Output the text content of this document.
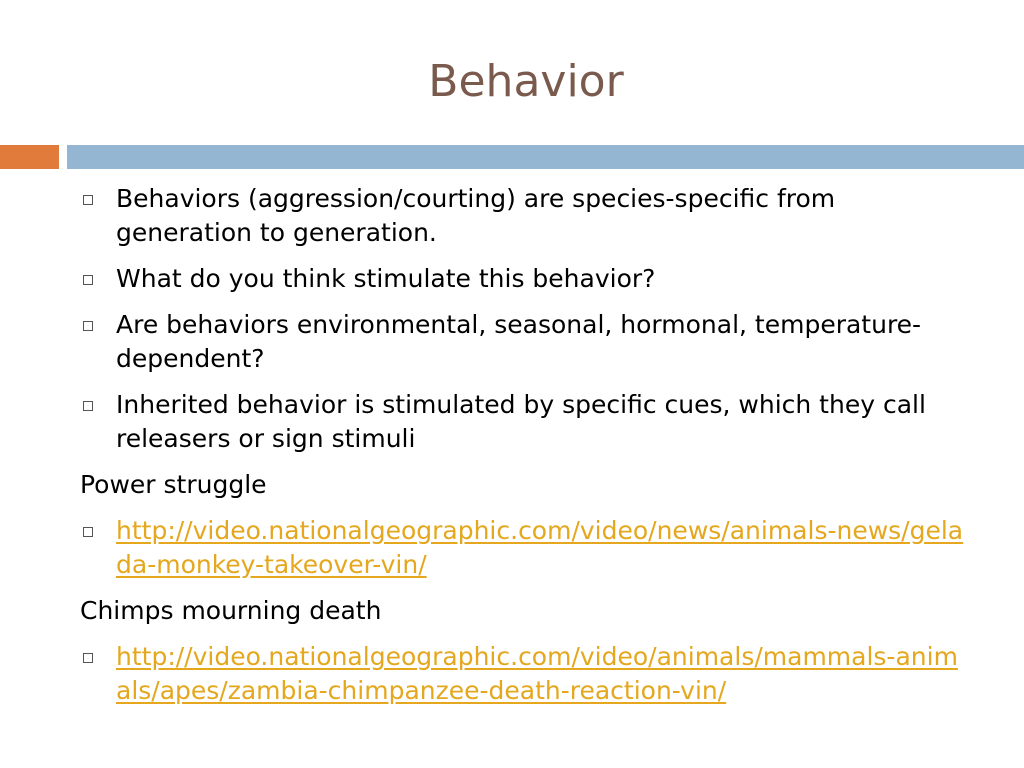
Behavior
Behaviors (aggression/courting) are species-specific from generation to generation.
What do you think stimulate this behavior?
Are behaviors environmental, seasonal, hormonal, temperature-dependent?
Inherited behavior is stimulated by specific cues, which they call releasers or sign stimuli
Power struggle
http://video.nationalgeographic.com/video/news/animals-news/gelada-monkey-takeover-vin/
Chimps mourning death
http://video.nationalgeographic.com/video/animals/mammals-animals/apes/zambia-chimpanzee-death-reaction-vin/
